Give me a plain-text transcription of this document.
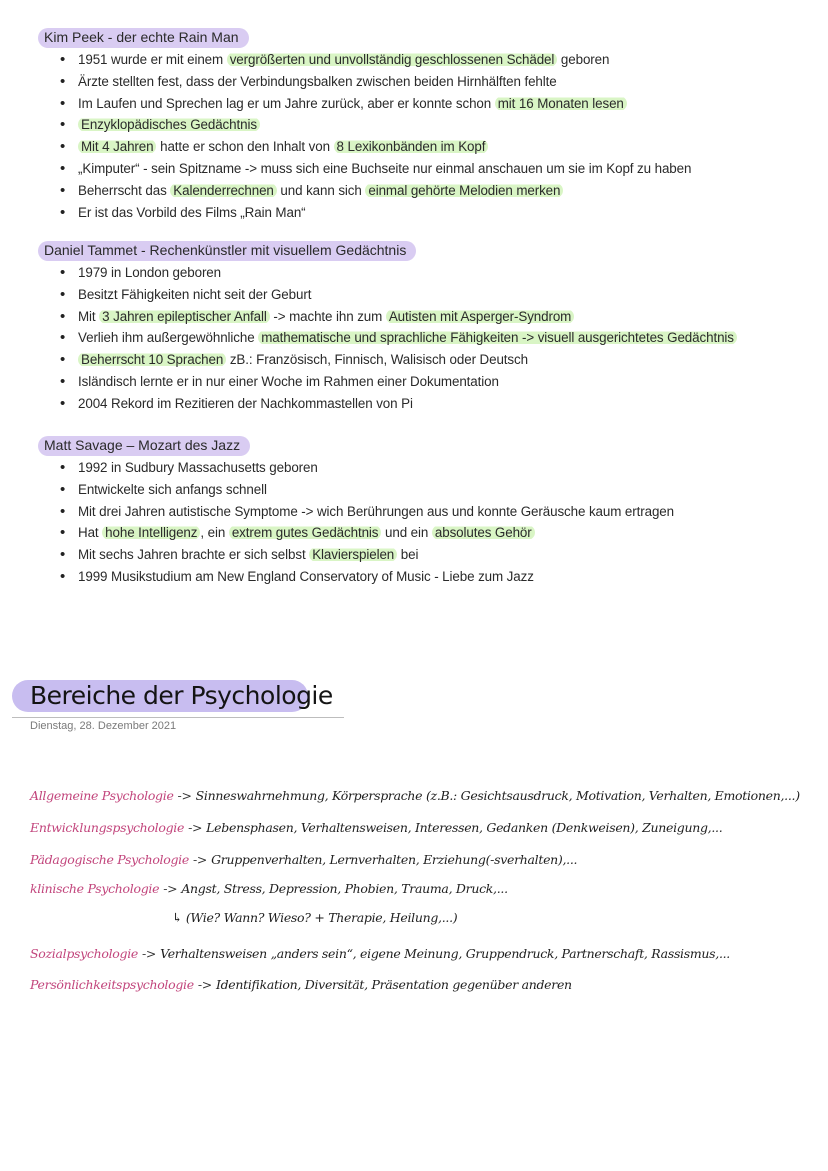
Kim Peek - der echte Rain Man
• 1951 wurde er mit einem vergrößerten und unvollständig geschlossenen Schädel geboren
• Ärzte stellten fest, dass der Verbindungsbalken zwischen beiden Hirnhälften fehlte
• Im Laufen und Sprechen lag er um Jahre zurück, aber er konnte schon mit 16 Monaten lesen
• Enzyklopädisches Gedächtnis
• Mit 4 Jahren hatte er schon den Inhalt von 8 Lexikonbänden im Kopf
• „Kimputer“ - sein Spitzname -> muss sich eine Buchseite nur einmal anschauen um sie im Kopf zu haben
• Beherrscht das Kalenderrechnen und kann sich einmal gehörte Melodien merken
• Er ist das Vorbild des Films „Rain Man“
Daniel Tammet - Rechenkünstler mit visuellem Gedächtnis
• 1979 in London geboren
• Besitzt Fähigkeiten nicht seit der Geburt
• Mit 3 Jahren epileptischer Anfall -> machte ihn zum Autisten mit Asperger-Syndrom
• Verlieh ihm außergewöhnliche mathematische und sprachliche Fähigkeiten -> visuell ausgerichtetes Gedächtnis
• Beherrscht 10 Sprachen zB.: Französisch, Finnisch, Walisisch oder Deutsch
• Isländisch lernte er in nur einer Woche im Rahmen einer Dokumentation
• 2004 Rekord im Rezitieren der Nachkommastellen von Pi
Matt Savage – Mozart des Jazz
• 1992 in Sudbury Massachusetts geboren
• Entwickelte sich anfangs schnell
• Mit drei Jahren autistische Symptome -> wich Berührungen aus und konnte Geräusche kaum ertragen
• Hat hohe Intelligenz , ein extrem gutes Gedächtnis und ein absolutes Gehör
• Mit sechs Jahren brachte er sich selbst Klavierspielen bei
• 1999 Musikstudium am New England Conservatory of Music - Liebe zum Jazz
Bereiche der Psychologie
Dienstag, 28. Dezember 2021
Allgemeine Psychologie -> Sinneswahrnehmung, Körpersprache (z.B.: Gesichtsausdruck, Motivation, Verhalten, Emotionen,...)
Entwicklungspsychologie -> Lebensphasen, Verhaltensweisen, Interessen, Gedanken (Denkweisen), Zuneigung,...
Pädagogische Psychologie -> Gruppenverhalten, Lernverhalten, Erziehung(-sverhalten),...
klinische Psychologie -> Angst, Stress, Depression, Phobien, Trauma, Druck,...
↳ (Wie? Wann? Wieso? + Therapie, Heilung,...)
Sozialpsychologie -> Verhaltensweisen „anders sein“, eigene Meinung, Gruppendruck, Partnerschaft, Rassismus,...
Persönlichkeitspsychologie -> Identifikation, Diversität, Präsentation gegenüber anderen
